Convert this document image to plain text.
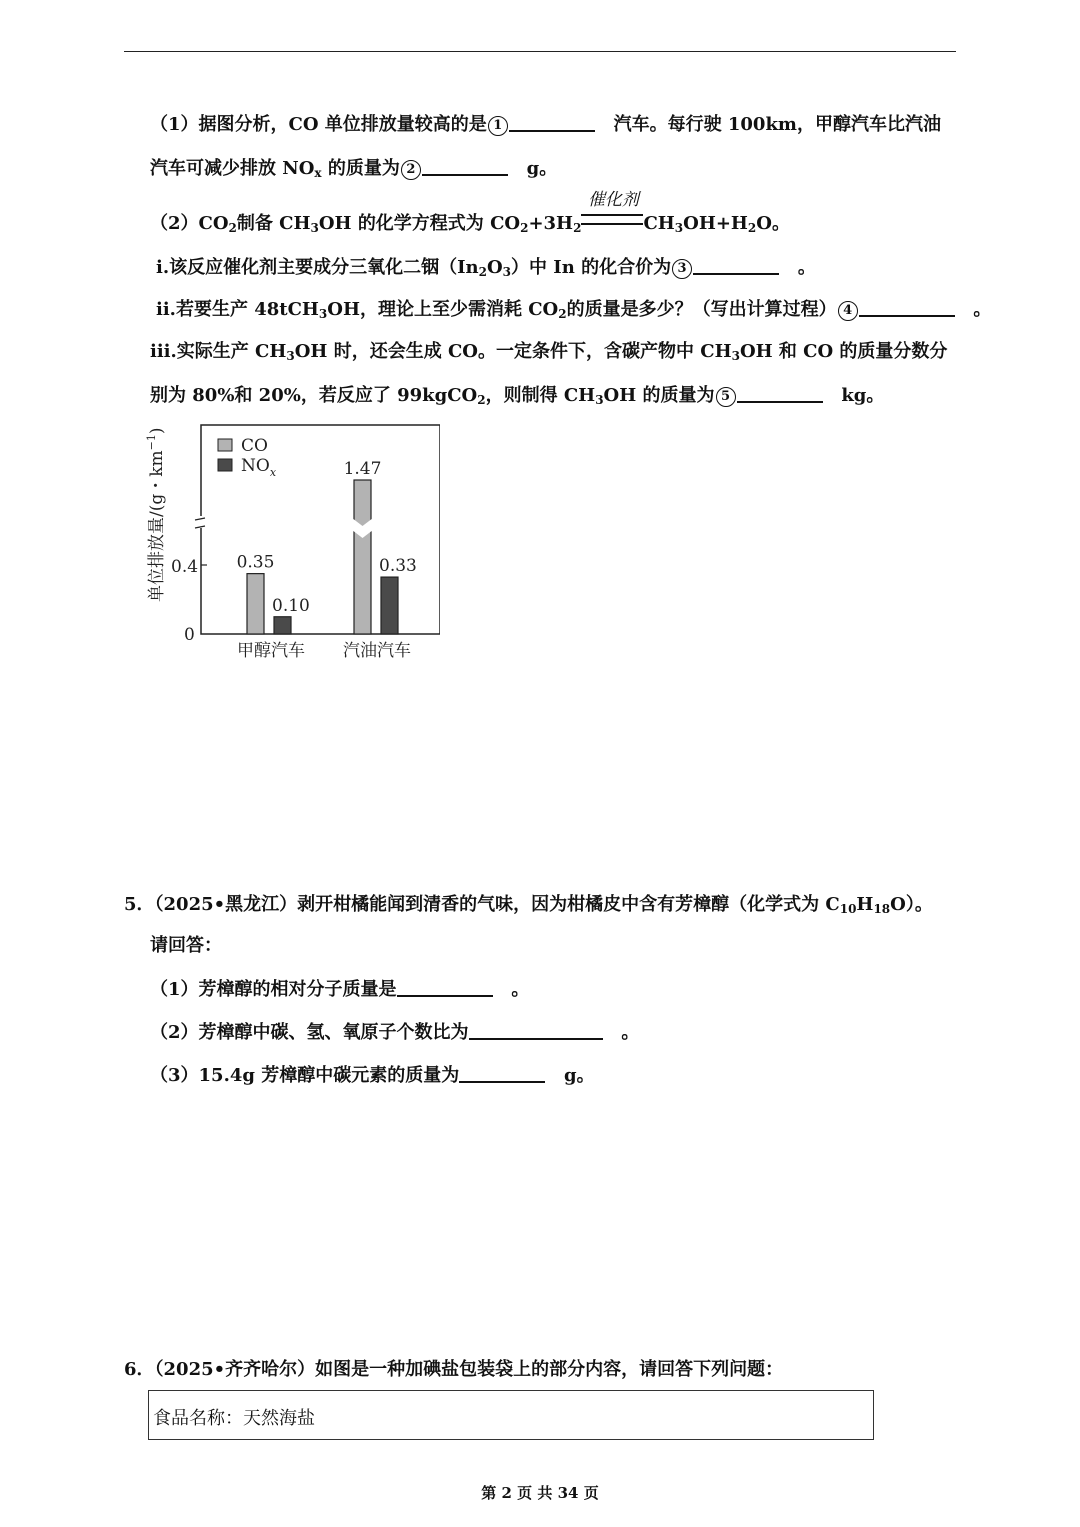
（1）据图分析，CO 单位排放量较高的是 1	汽车。每行驶 100km，甲醇汽车比汽油
汽车可减少排放 $NO_x$ 的质量为 2	g。
$(2)CO_2$制备 $CH_3OH$ 的化学方程式为 $CO_2+3H_2$
催化剂
$CH_3OH+H_2O$。
ⅰ.该反应催化剂主要成分三氧化二铟$(In_2O_3)$中 In 的化合价为 3	。
ⅱ.若要生产 48tCH$_3$OH，理论上至少需消耗 $CO_2$的质量是多少？（写出计算过程） 4	。
ⅲ.实际生产 $CH_3OH$ 时，还会生成 CO。一定条件下，含碳产物中 $CH_3OH$ 和 CO 的质量分数分
别为 80%和 20%，若反应了 99kgCO$_2$，则制得 $CH_3OH$ 的质量为 5	kg。
单位排放量/(g・$km^{-1}$)
0.4
0
CO
$NO_x$
0.35
1.47
0.10
0.33
甲醇汽车 汽油汽车
5．（2025•黑龙江）剥开柑橘能闻到清香的气味，因为柑橘皮中含有芳樟醇（化学式为 $C_{10}H_{18}O$）。
请回答：
（1）芳樟醇的相对分子质量是	。
（2）芳樟醇中碳、氢、氧原子个数比为	。
（3）15.4g 芳樟醇中碳元素的质量为	g。
6．（2025•齐齐哈尔）如图是一种加碘盐包装袋上的部分内容，请回答下列问题：
食品名称：天然海盐
第 2 页 共 34 页
